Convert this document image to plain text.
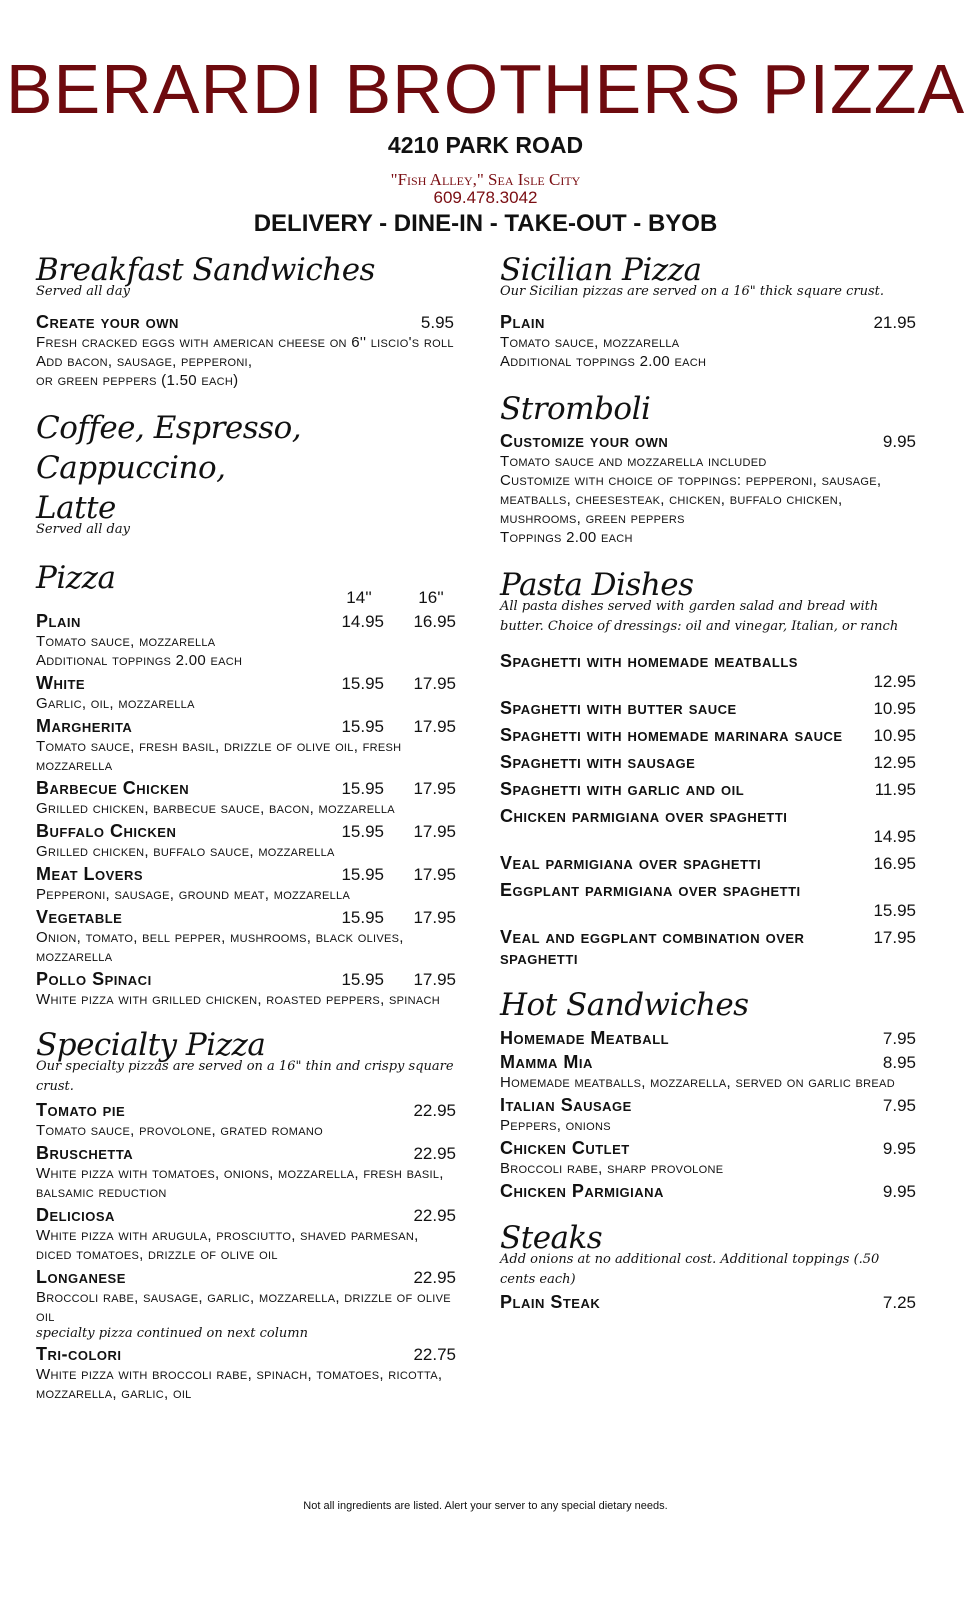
BERARDI BROTHERS PIZZA
4210 PARK ROAD
"Fish Alley," Sea Isle City
609.478.3042
DELIVERY - DINE-IN - TAKE-OUT - BYOB
Breakfast Sandwiches
Served all day
Create your own	5.95
Fresh cracked eggs with american cheese on 6'' liscio's roll
Add bacon, sausage, pepperoni,
or green peppers (1.50 each)
Coffee, Espresso, Cappuccino,
Latte
Served all day
Pizza
14''	16''
Plain	14.95	16.95
Tomato sauce, mozzarella
Additional toppings 2.00 each
White	15.95	17.95
Garlic, oil, mozzarella
Margherita	15.95	17.95
Tomato sauce, fresh basil, drizzle of olive oil, fresh mozzarella
Barbecue Chicken	15.95	17.95
Grilled chicken, barbecue sauce, bacon, mozzarella
Buffalo Chicken	15.95	17.95
Grilled chicken, buffalo sauce, mozzarella
Meat Lovers	15.95	17.95
Pepperoni, sausage, ground meat, mozzarella
Vegetable	15.95	17.95
Onion, tomato, bell pepper, mushrooms, black olives, mozzarella
Pollo Spinaci	15.95	17.95
White pizza with grilled chicken, roasted peppers, spinach
Specialty Pizza
Our specialty pizzas are served on a 16" thin and crispy square crust.
Tomato pie	22.95
Tomato sauce, provolone, grated romano
Bruschetta	22.95
White pizza with tomatoes, onions, mozzarella, fresh basil, balsamic reduction
Deliciosa	22.95
White pizza with arugula, prosciutto, shaved parmesan, diced tomatoes, drizzle of olive oil
Longanese	22.95
Broccoli rabe, sausage, garlic, mozzarella, drizzle of olive oil
specialty pizza continued on next column
Tri-colori	22.75
White pizza with broccoli rabe, spinach, tomatoes, ricotta, mozzarella, garlic, oil
Sicilian Pizza
Our Sicilian pizzas are served on a 16" thick square crust.
Plain	21.95
Tomato sauce, mozzarella
Additional toppings 2.00 each
Stromboli
Customize your own	9.95
Tomato sauce and mozzarella included
Customize with choice of toppings: pepperoni, sausage, meatballs, cheesesteak, chicken, buffalo chicken, mushrooms, green peppers
Toppings 2.00 each
Pasta Dishes
All pasta dishes served with garden salad and bread with butter. Choice of dressings: oil and vinegar, Italian, or ranch
Spaghetti with homemade meatballs
12.95
Spaghetti with butter sauce	10.95
Spaghetti with homemade marinara sauce 10.95
Spaghetti with sausage	12.95
Spaghetti with garlic and oil	11.95
Chicken parmigiana over spaghetti
14.95
Veal parmigiana over spaghetti	16.95
Eggplant parmigiana over spaghetti
15.95
Veal and eggplant combination over spaghetti
17.95
Hot Sandwiches
Homemade Meatball	7.95
Mamma Mia	8.95
Homemade meatballs, mozzarella, served on garlic bread
Italian Sausage	7.95
Peppers, onions
Chicken Cutlet	9.95
Broccoli rabe, sharp provolone
Chicken Parmigiana	9.95
Steaks
Add onions at no additional cost. Additional toppings (.50 cents each)
Plain Steak	7.25
Not all ingredients are listed. Alert your server to any special dietary needs.
